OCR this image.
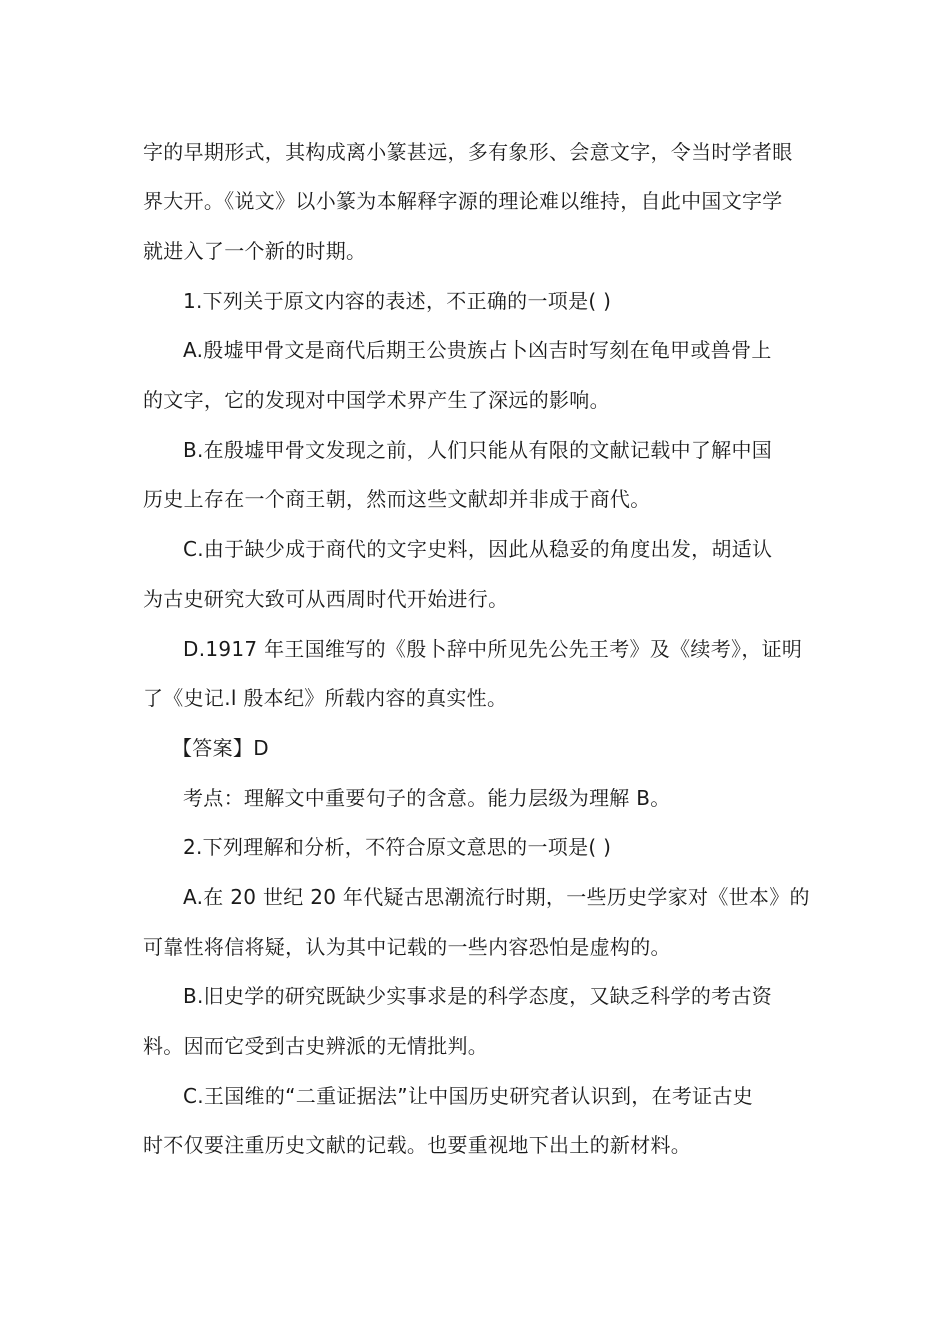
字的早期形式，其构成离小篆甚远，多有象形、会意文字，令当时学者眼
界大开。《说文》以小篆为本解释字源的理论难以维持，自此中国文字学
就进入了一个新的时期。
1.下列关于原文内容的表述，不正确的一项是( )
A.殷墟甲骨文是商代后期王公贵族占卜凶吉时写刻在龟甲或兽骨上
的文字，它的发现对中国学术界产生了深远的影响。
B.在殷墟甲骨文发现之前，人们只能从有限的文献记载中了解中国
历史上存在一个商王朝，然而这些文献却并非成于商代。
C.由于缺少成于商代的文字史料，因此从稳妥的角度出发，胡适认
为古史研究大致可从西周时代开始进行。
D.1917 年王国维写的《殷卜辞中所见先公先王考》及《续考》，证明
了《史记.l 殷本纪》所载内容的真实性。
【答案】D
考点：理解文中重要句子的含意。能力层级为理解 B。
2.下列理解和分析，不符合原文意思的一项是( )
A.在 20 世纪 20 年代疑古思潮流行时期，一些历史学家对《世本》的
可靠性将信将疑，认为其中记载的一些内容恐怕是虚构的。
B.旧史学的研究既缺少实事求是的科学态度，又缺乏科学的考古资
料。因而它受到古史辨派的无情批判。
C.王国维的“二重证据法”让中国历史研究者认识到，在考证古史
时不仅要注重历史文献的记载。也要重视地下出土的新材料。
